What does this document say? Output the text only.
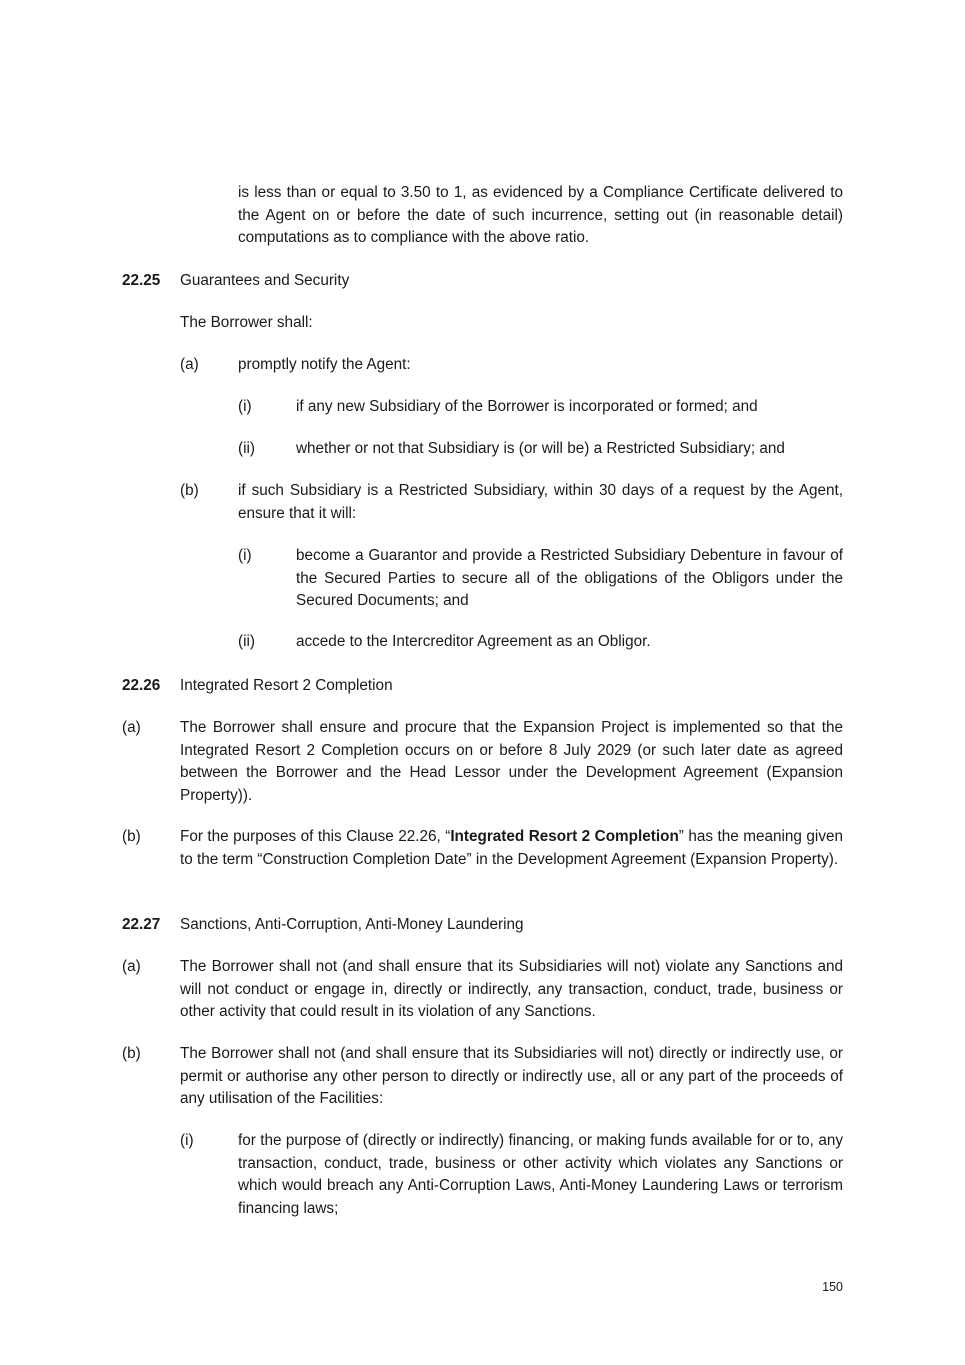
is less than or equal to 3.50 to 1, as evidenced by a Compliance Certificate delivered to the Agent on or before the date of such incurrence, setting out (in reasonable detail) computations as to compliance with the above ratio.
22.25 Guarantees and Security
The Borrower shall:
(a)	promptly notify the Agent:
(i)	if any new Subsidiary of the Borrower is incorporated or formed; and
(ii)	whether or not that Subsidiary is (or will be) a Restricted Subsidiary; and
(b)	if such Subsidiary is a Restricted Subsidiary, within 30 days of a request by the Agent, ensure that it will:
(i)	become a Guarantor and provide a Restricted Subsidiary Debenture in favour of the Secured Parties to secure all of the obligations of the Obligors under the Secured Documents; and
(ii)	accede to the Intercreditor Agreement as an Obligor.
22.26 Integrated Resort 2 Completion
(a)	The Borrower shall ensure and procure that the Expansion Project is implemented so that the Integrated Resort 2 Completion occurs on or before 8 July 2029 (or such later date as agreed between the Borrower and the Head Lessor under the Development Agreement (Expansion Property)).
(b)	For the purposes of this Clause 22.26, “Integrated Resort 2 Completion” has the meaning given to the term “Construction Completion Date” in the Development Agreement (Expansion Property).
22.27 Sanctions, Anti-Corruption, Anti-Money Laundering
(a)	The Borrower shall not (and shall ensure that its Subsidiaries will not) violate any Sanctions and will not conduct or engage in, directly or indirectly, any transaction, conduct, trade, business or other activity that could result in its violation of any Sanctions.
(b)	The Borrower shall not (and shall ensure that its Subsidiaries will not) directly or indirectly use, or permit or authorise any other person to directly or indirectly use, all or any part of the proceeds of any utilisation of the Facilities:
(i)	for the purpose of (directly or indirectly) financing, or making funds available for or to, any transaction, conduct, trade, business or other activity which violates any Sanctions or which would breach any Anti-Corruption Laws, Anti-Money Laundering Laws or terrorism financing laws;
150
